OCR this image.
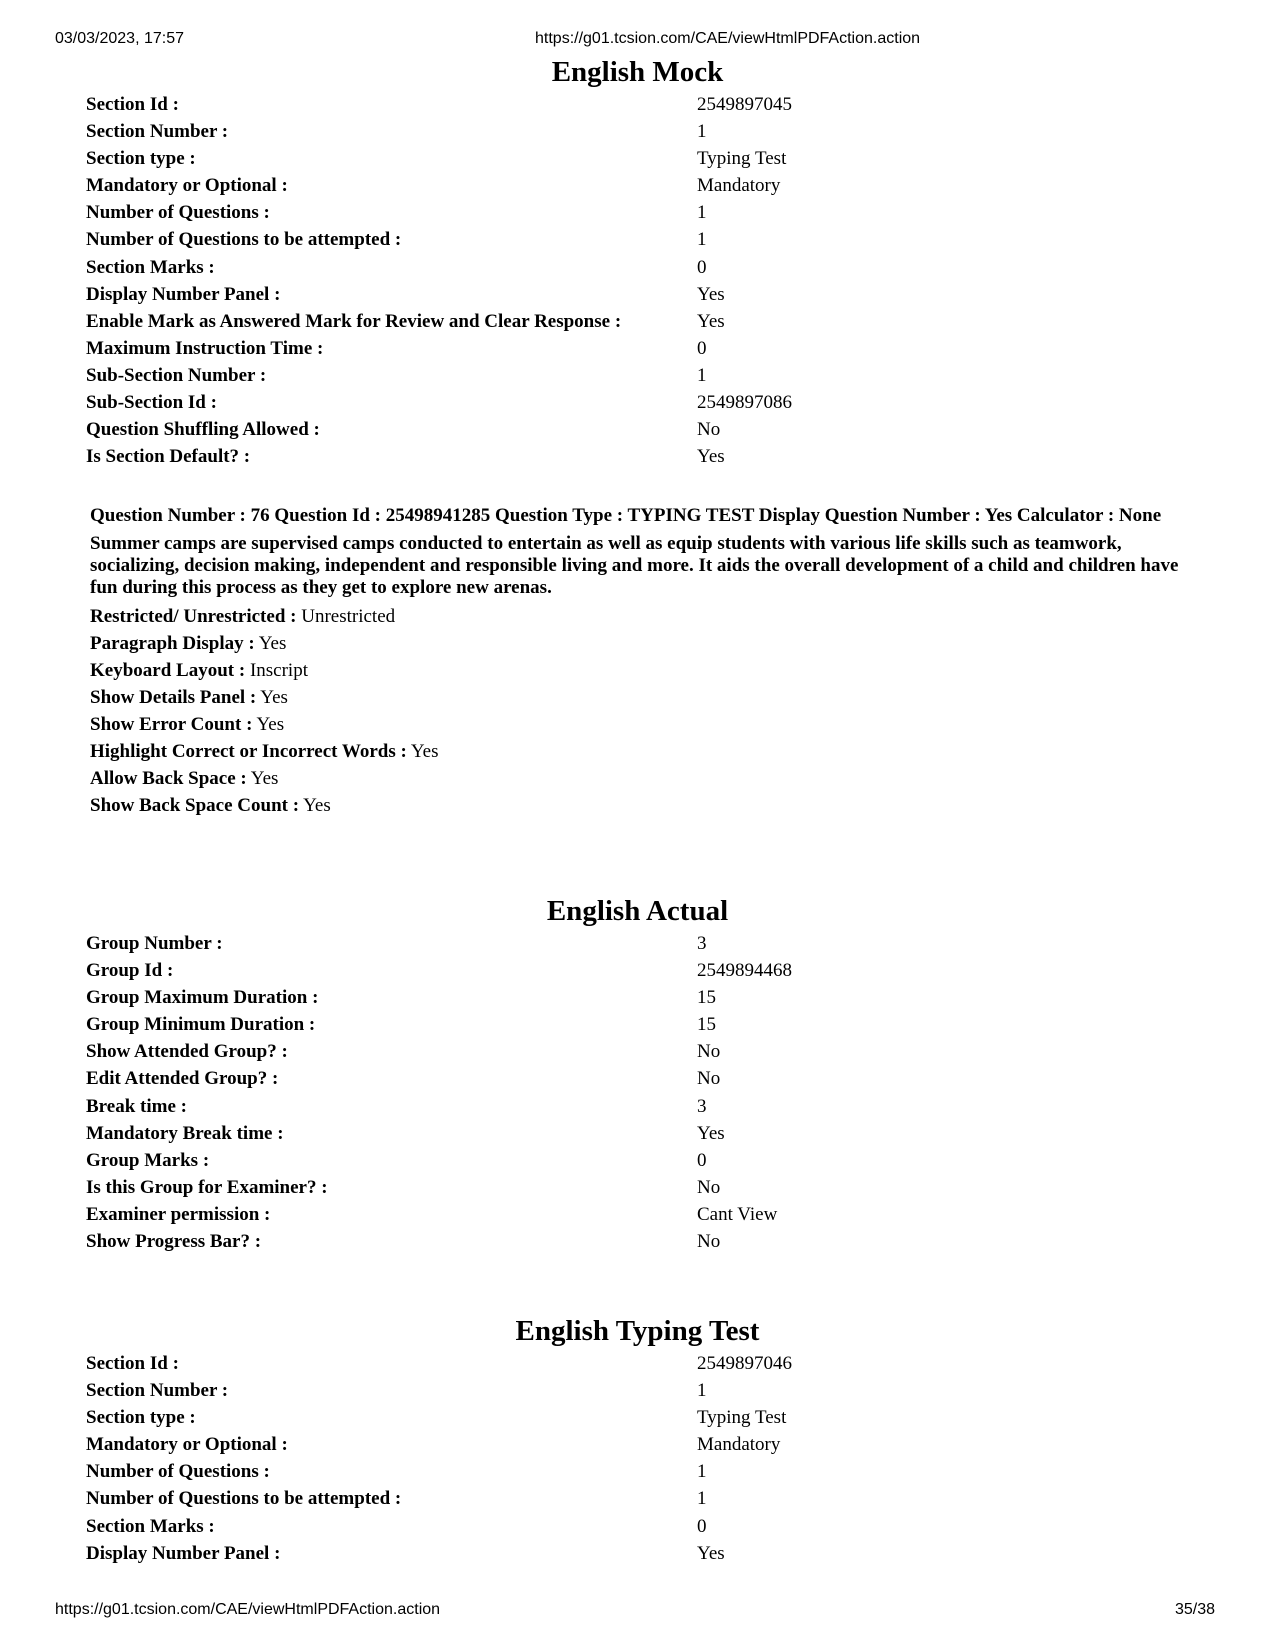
03/03/2023, 17:57	https://g01.tcsion.com/CAE/viewHtmlPDFAction.action
https://g01.tcsion.com/CAE/viewHtmlPDFAction.action	35/38
English Mock
Section Id :	2549897045
Section Number :	1
Section type :	Typing Test
Mandatory or Optional :	Mandatory
Number of Questions :	1
Number of Questions to be attempted :	1
Section Marks :	0
Display Number Panel :	Yes
Enable Mark as Answered Mark for Review and Clear Response :	Yes
Maximum Instruction Time :	0
Sub-Section Number :	1
Sub-Section Id :	2549897086
Question Shuffling Allowed :	No
Is Section Default? :	Yes

Question Number : 76 Question Id : 25498941285 Question Type : TYPING TEST Display Question Number : Yes Calculator : None

Summer camps are supervised camps conducted to entertain as well as equip students with various life skills such as teamwork, socializing, decision making, independent and responsible living and more. It aids the overall development of a child and children have fun during this process as they get to explore new arenas.

Restricted/ Unrestricted : Unrestricted
Paragraph Display : Yes
Keyboard Layout : Inscript
Show Details Panel : Yes
Show Error Count : Yes
Highlight Correct or Incorrect Words : Yes
Allow Back Space : Yes
Show Back Space Count : Yes
English Actual
Group Number :	3
Group Id :	2549894468
Group Maximum Duration :	15
Group Minimum Duration :	15
Show Attended Group? :	No
Edit Attended Group? :	No
Break time :	3
Mandatory Break time :	Yes
Group Marks :	0
Is this Group for Examiner? :	No
Examiner permission :	Cant View
Show Progress Bar? :	No
English Typing Test
Section Id :	2549897046
Section Number :	1
Section type :	Typing Test
Mandatory or Optional :	Mandatory
Number of Questions :	1
Number of Questions to be attempted :	1
Section Marks :	0
Display Number Panel :	Yes
